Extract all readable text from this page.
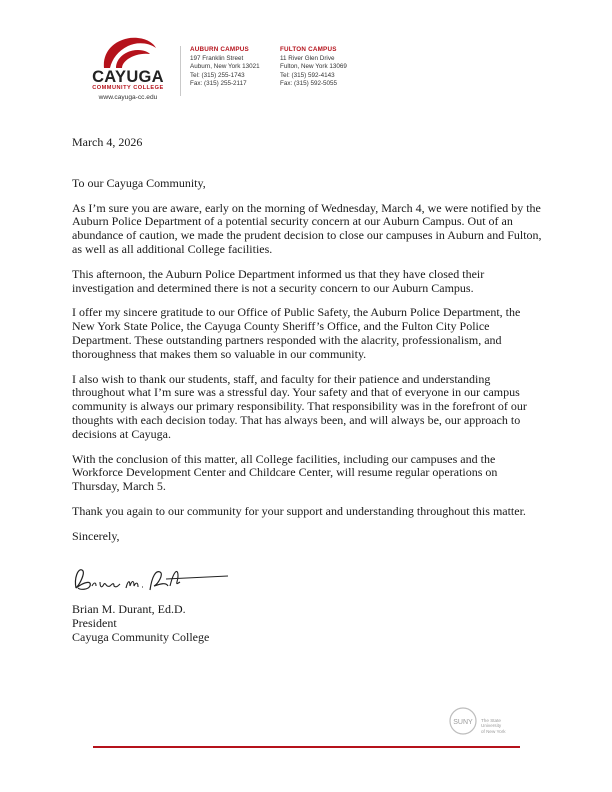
CAYUGA
COMMUNITY COLLEGE
www.cayuga-cc.edu
AUBURN CAMPUS
197 Franklin Street
Auburn, New York 13021
Tel: (315) 255-1743
Fax: (315) 255-2117
FULTON CAMPUS
11 River Glen Drive
Fulton, New York 13069
Tel: (315) 592-4143
Fax: (315) 592-5055

March 4, 2026

To our Cayuga Community,

As I’m sure you are aware, early on the morning of Wednesday, March 4, we were notified by the Auburn Police Department of a potential security concern at our Auburn Campus. Out of an abundance of caution, we made the prudent decision to close our campuses in Auburn and Fulton, as well as all additional College facilities.

This afternoon, the Auburn Police Department informed us that they have closed their investigation and determined there is not a security concern to our Auburn Campus.

I offer my sincere gratitude to our Office of Public Safety, the Auburn Police Department, the New York State Police, the Cayuga County Sheriff’s Office, and the Fulton City Police Department. These outstanding partners responded with the alacrity, professionalism, and thoroughness that makes them so valuable in our community.

I also wish to thank our students, staff, and faculty for their patience and understanding throughout what I’m sure was a stressful day. Your safety and that of everyone in our campus community is always our primary responsibility. That responsibility was in the forefront of our thoughts with each decision today. That has always been, and will always be, our approach to decisions at Cayuga.

With the conclusion of this matter, all College facilities, including our campuses and the Workforce Development Center and Childcare Center, will resume regular operations on Thursday, March 5.

Thank you again to our community for your support and understanding throughout this matter.

Sincerely,

Brian M. Durant, Ed.D.
President
Cayuga Community College
SUNY The State University
of New York
